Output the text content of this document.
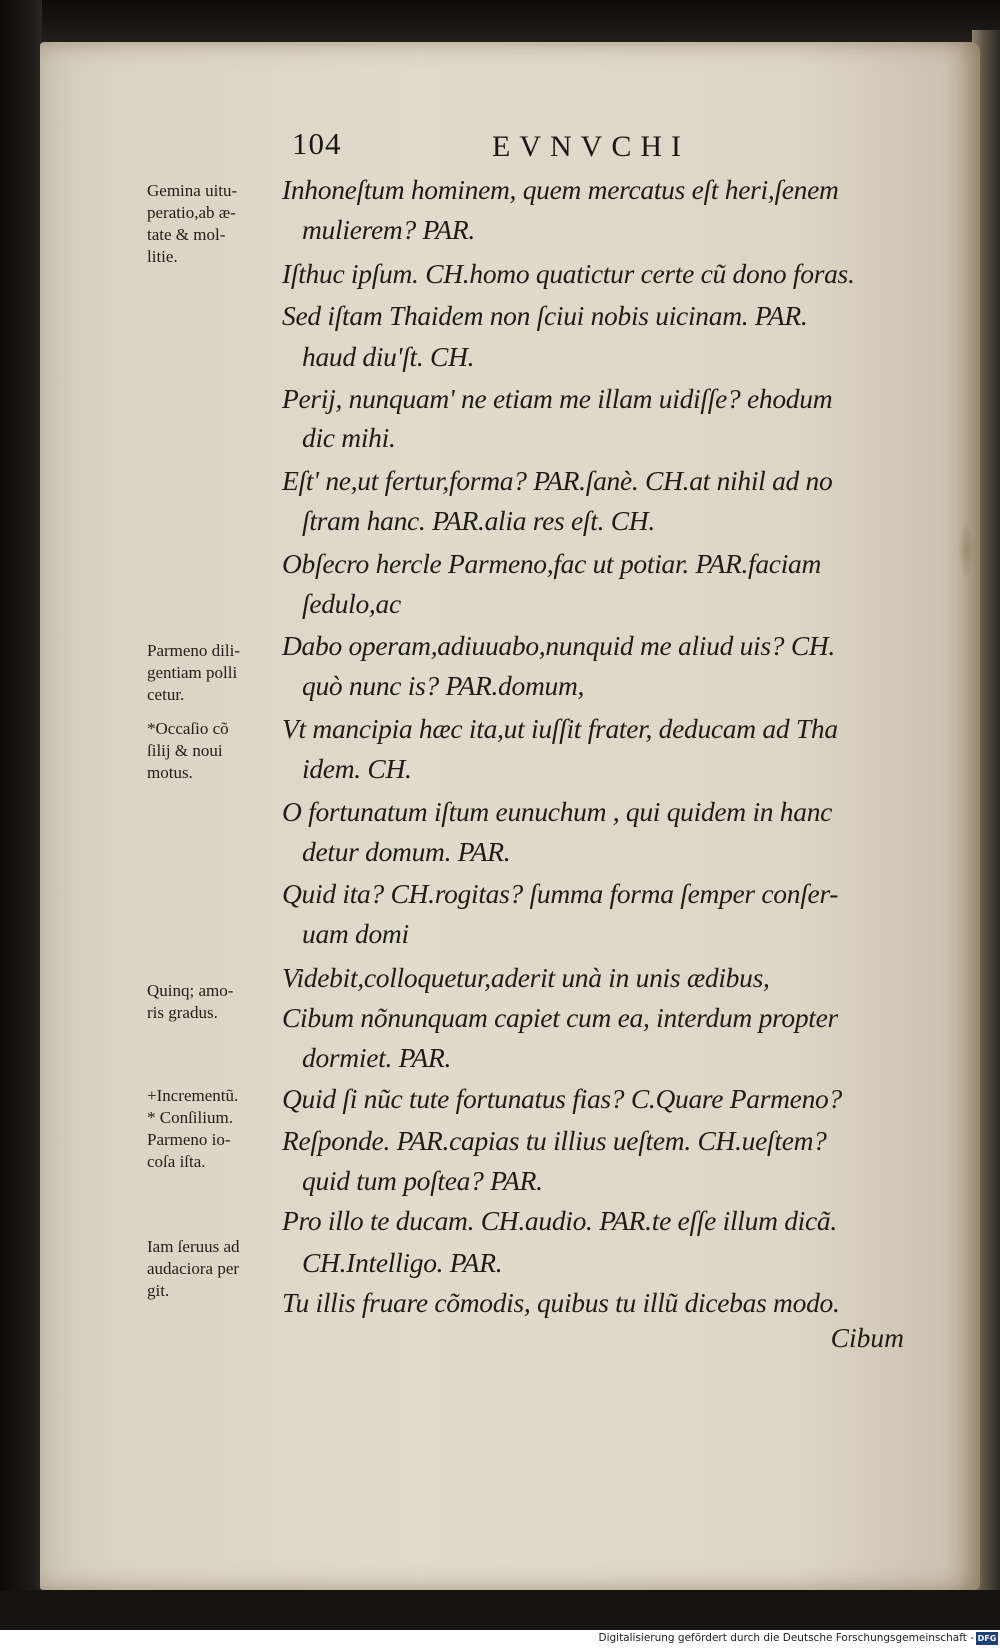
104	EVNVCHI
Inhoneſtum hominem, quem mercatus eſt heri,ſenem
mulierem? PAR.
Iſthuc ipſum. CH.homo quatictur certe cũ dono foras.
Sed iſtam Thaidem non ſciui nobis uicinam. PAR.
haud diu'ſt. CH.
Perij, nunquam' ne etiam me illam uidiſſe? ehodum
dic mihi.
Eſt' ne,ut fertur,forma? PAR.ſanè. CH.at nihil ad no
ſtram hanc. PAR.alia res eſt. CH.
Obſecro hercle Parmeno,fac ut potiar. PAR.faciam
ſedulo,ac
Dabo operam,adiuuabo,nunquid me aliud uis? CH.
quò nunc is? PAR.domum,
Vt mancipia hæc ita,ut iuſſit frater, deducam ad Tha
idem. CH.
O fortunatum iſtum eunuchum , qui quidem in hanc
detur domum. PAR.
Quid ita? CH.rogitas? ſumma forma ſemper conſer-
uam domi
Videbit,colloquetur,aderit unà in unis ædibus,
Cibum nõnunquam capiet cum ea, interdum propter
dormiet. PAR.
Quid ſi nũc tute fortunatus fias? C.Quare Parmeno?
Reſponde. PAR.capias tu illius ueſtem. CH.ueſtem?
quid tum poſtea? PAR.
Pro illo te ducam. CH.audio. PAR.te eſſe illum dicã.
CH.Intelligo. PAR.
Tu illis fruare cõmodis, quibus tu illũ dicebas modo.
Cibum
Gemina uitu-
peratio,ab æ-
tate & mol-
litie.
Parmeno dili-
gentiam polli
cetur.
*Occaſio cõ
ſilij & noui
motus.
Quinq; amo-
ris gradus.
+Incrementũ.
* Conſilium.
Parmeno io-
coſa iſta.
Iam ſeruus ad
audaciora per
git.
Digitalisierung gefördert durch die Deutsche Forschungsgemeinschaft - DFG
